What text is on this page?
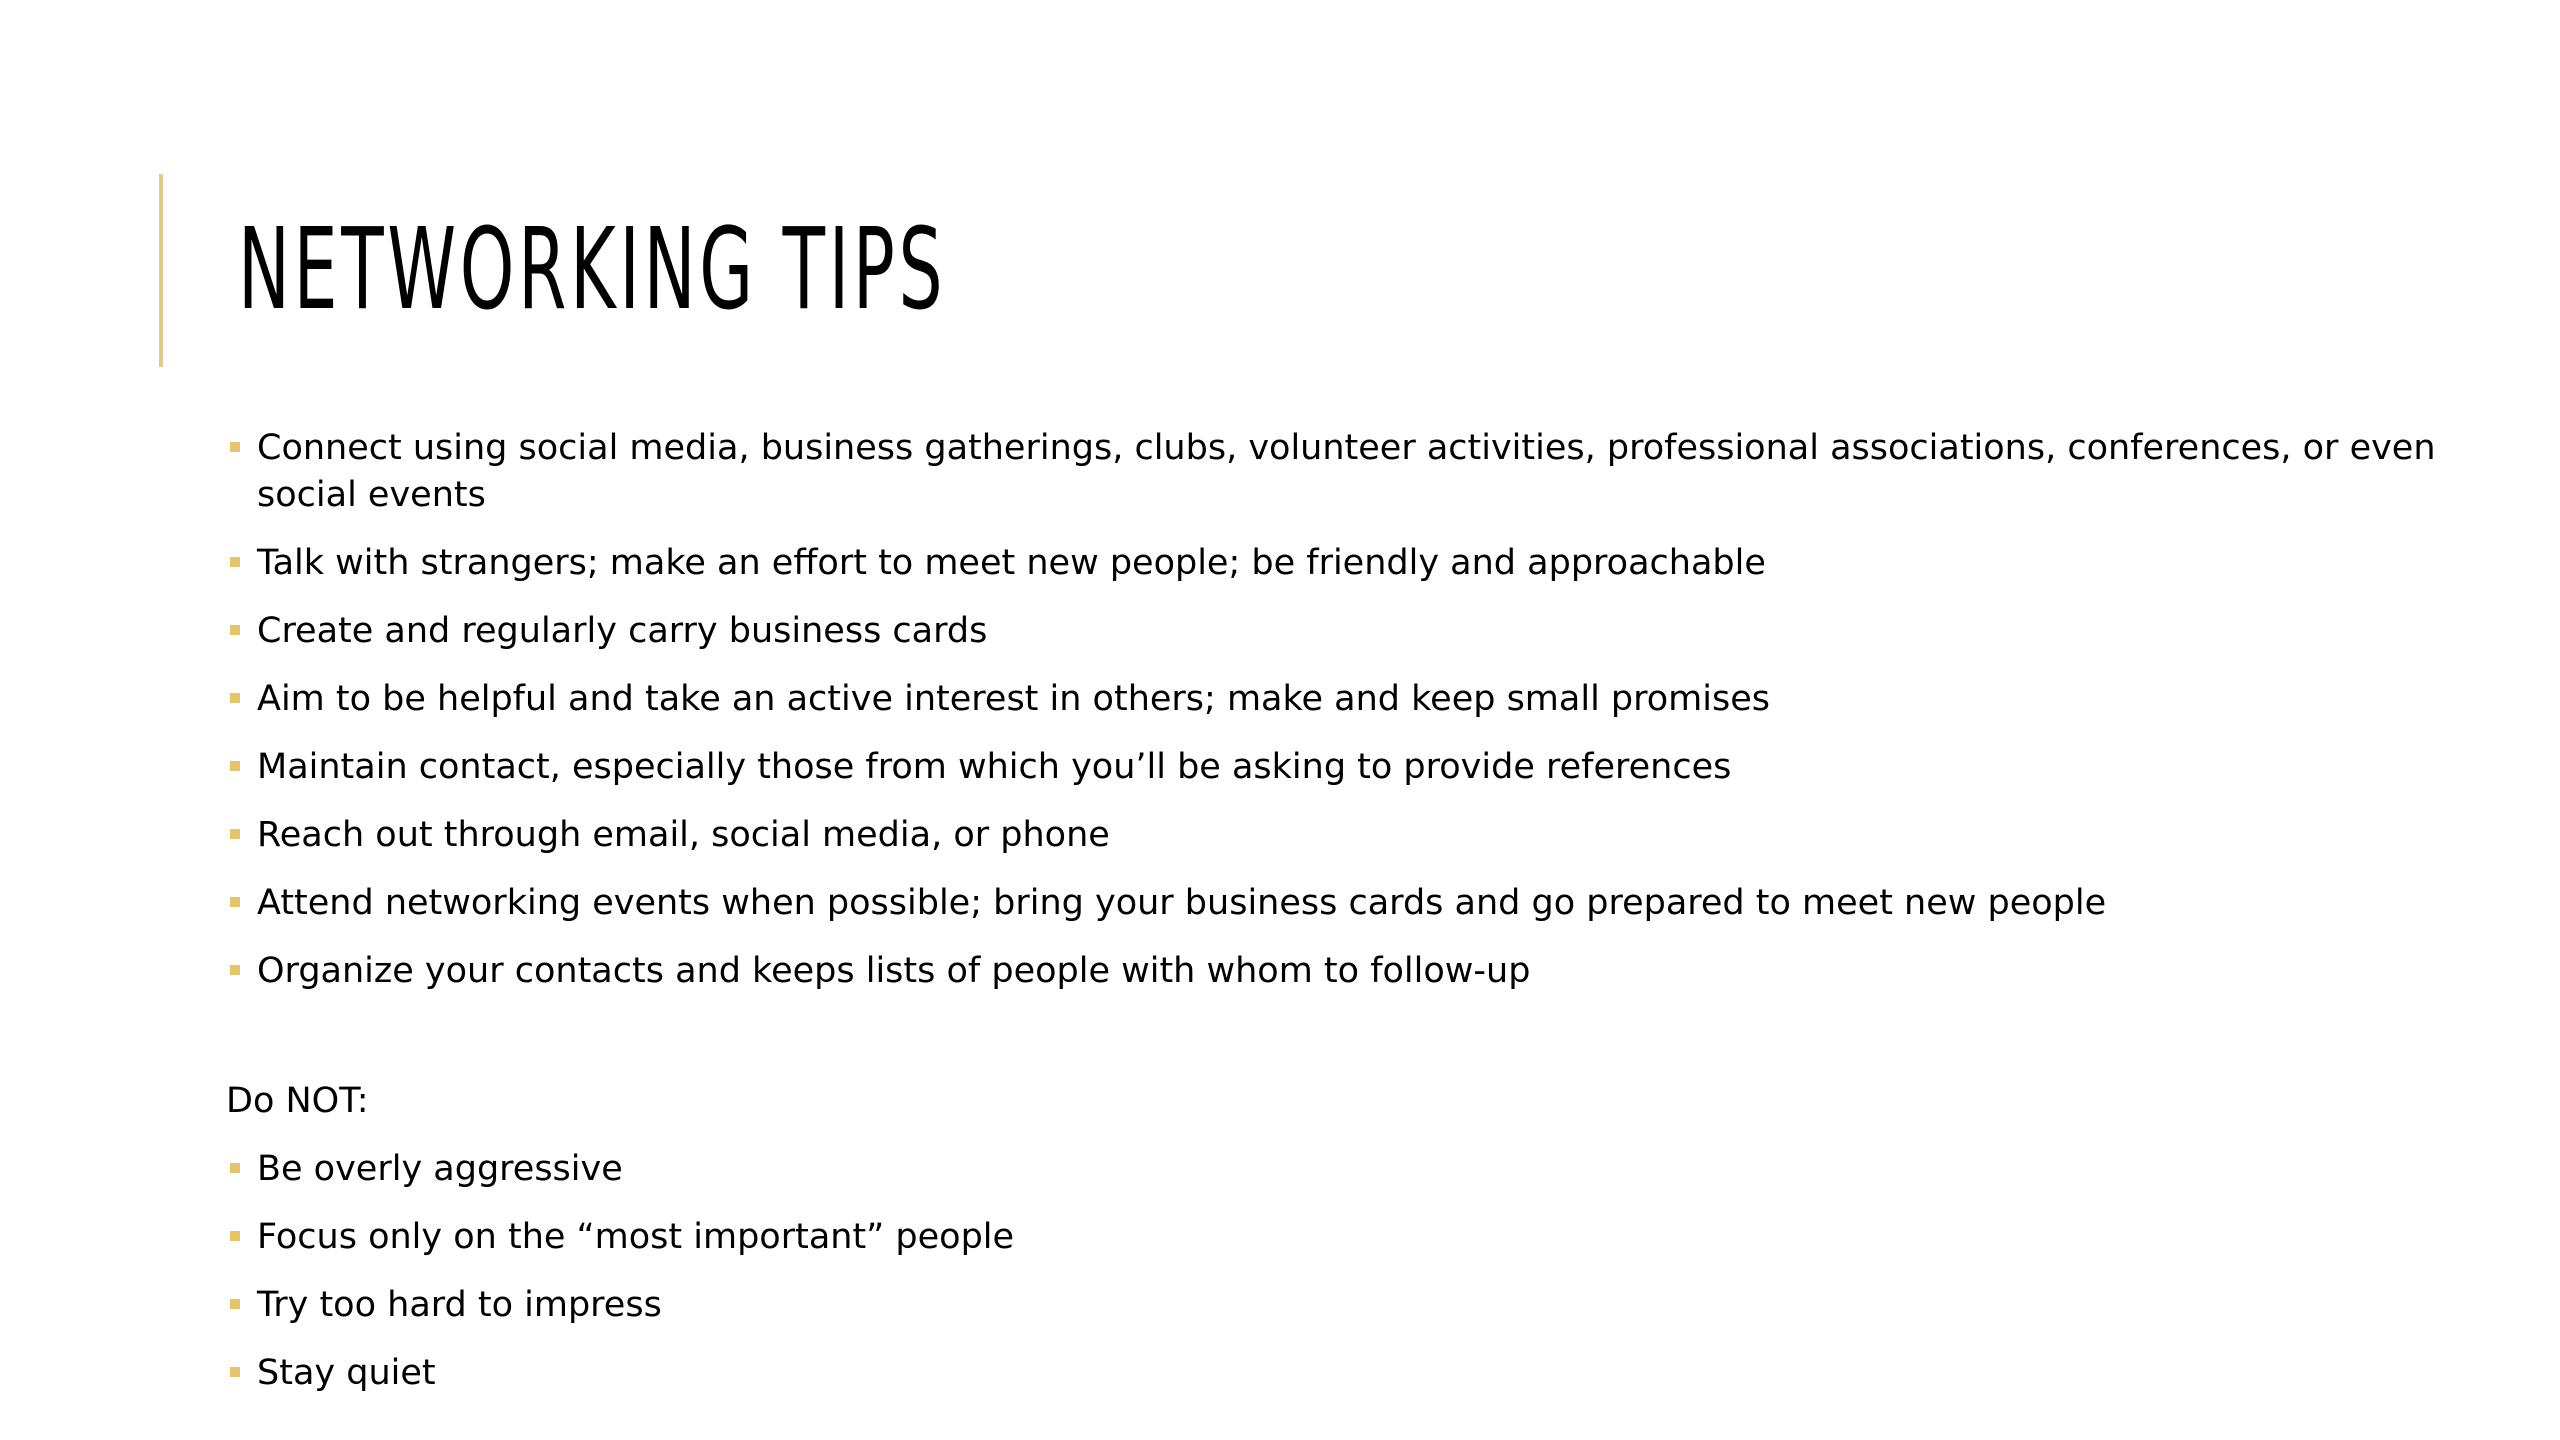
NETWORKING TIPS
Connect using social media, business gatherings, clubs, volunteer activities, professional associations, conferences, or even social events
Talk with strangers; make an effort to meet new people; be friendly and approachable
Create and regularly carry business cards
Aim to be helpful and take an active interest in others; make and keep small promises
Maintain contact, especially those from which you’ll be asking to provide references
Reach out through email, social media, or phone
Attend networking events when possible; bring your business cards and go prepared to meet new people
Organize your contacts and keeps lists of people with whom to follow-up

Do NOT:

Be overly aggressive
Focus only on the “most important” people
Try too hard to impress
Stay quiet
